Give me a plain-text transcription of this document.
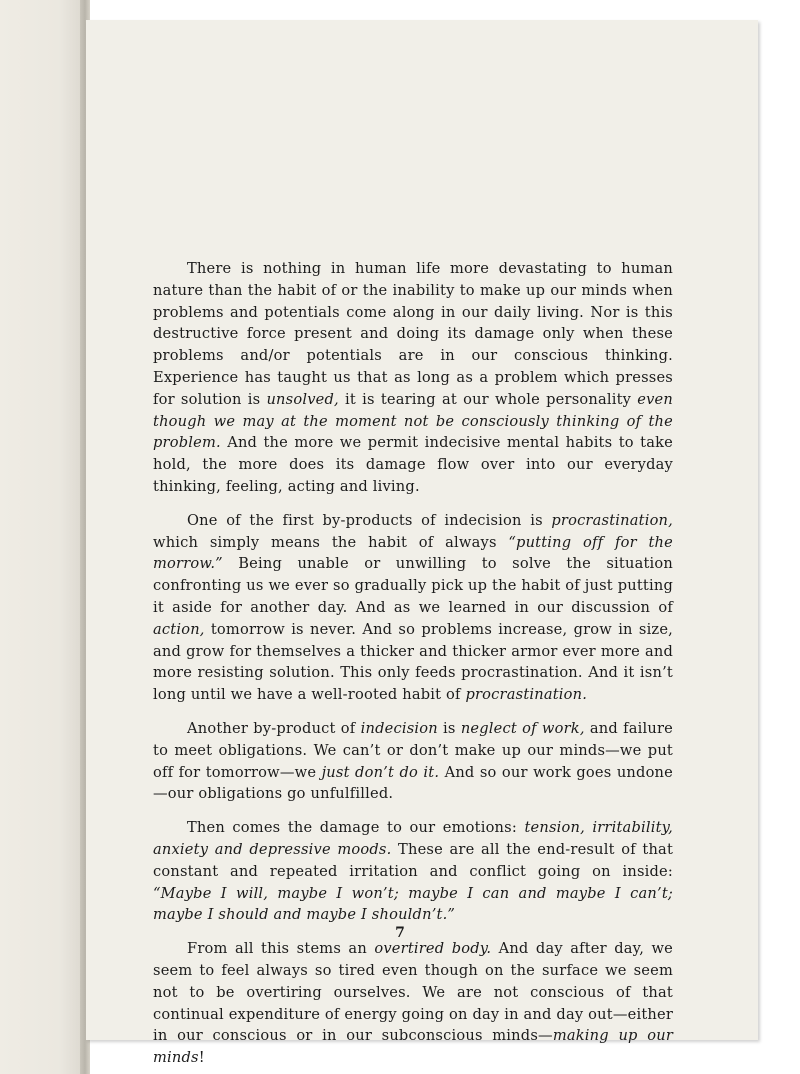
There is nothing in human life more devastating to human nature than the habit of or the inability to make up our minds when problems and potentials come along in our daily living. Nor is this destructive force present and doing its damage only when these problems and/or potentials are in our conscious thinking. Experience has taught us that as long as a problem which presses for solution is unsolved, it is tearing at our whole personality even though we may at the moment not be consciously thinking of the problem. And the more we permit indecisive mental habits to take hold, the more does its damage flow over into our everyday thinking, feeling, acting and living.

One of the first by-products of indecision is procrastination, which simply means the habit of always “putting off for the morrow.” Being unable or unwilling to solve the situation confronting us we ever so gradually pick up the habit of just putting it aside for another day. And as we learned in our discussion of action, tomorrow is never. And so problems increase, grow in size, and grow for themselves a thicker and thicker armor ever more and more resisting solution. This only feeds procrastination. And it isn’t long until we have a well-rooted habit of procrastination.

Another by-product of indecision is neglect of work, and failure to meet obligations. We can’t or don’t make up our minds—we put off for tomorrow—we just don’t do it. And so our work goes undone—our obligations go unfulfilled.

Then comes the damage to our emotions: tension, irritability, anxiety and depressive moods. These are all the end-result of that constant and repeated irritation and conflict going on inside: “Maybe I will, maybe I won’t; maybe I can and maybe I can’t; maybe I should and maybe I shouldn’t.”

From all this stems an overtired body. And day after day, we seem to feel always so tired even though on the surface we seem not to be overtiring ourselves. We are not conscious of that continual expenditure of energy going on day in and day out—either in our conscious or in our subconscious minds—making up our minds!

7
